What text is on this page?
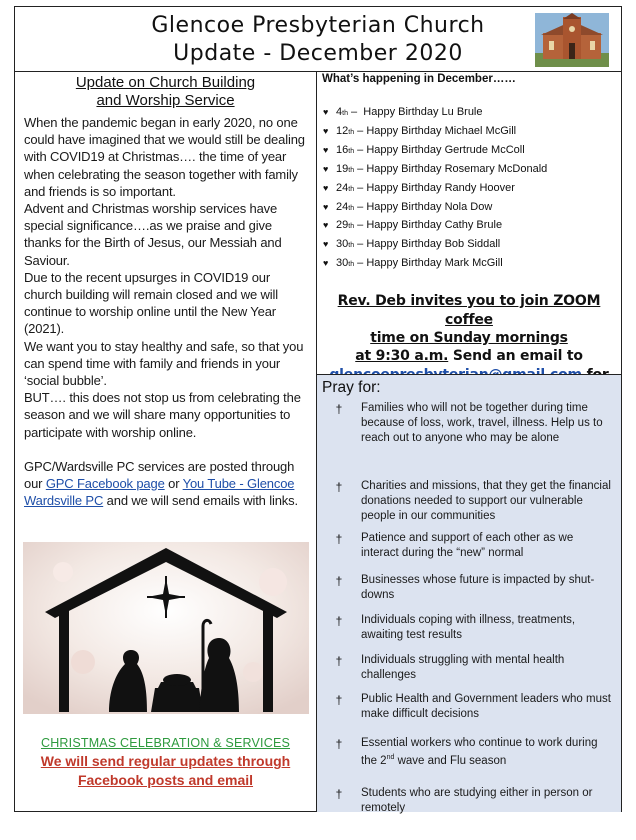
Glencoe Presbyterian Church
Update - December 2020
Update on Church Building
and Worship Service

When the pandemic began in early 2020, no one could have imagined that we would still be dealing with COVID19 at Christmas…. the time of year when celebrating the season together with family and friends is so important.

Advent and Christmas worship services have special significance….as we praise and give thanks for the Birth of Jesus, our Messiah and Saviour.

Due to the recent upsurges in COVID19 our church building will remain closed and we will continue to worship online until the New Year (2021).

We want you to stay healthy and safe, so that you can spend time with family and friends in your ‘social bubble’.

BUT…. this does not stop us from celebrating the season and we will share many opportunities to participate with worship online.

GPC/Wardsville PC services are posted through our GPC Facebook page or You Tube - Glencoe Wardsville PC and we will send emails with links.

CHRISTMAS CELEBRATION & SERVICES
We will send regular updates through
Facebook posts and email
What’s happening in December……
♥ 4 th – Happy Birthday Lu Brule
♥ 12 th – Happy Birthday Michael McGill
♥ 16 th – Happy Birthday Gertrude McColl
♥ 19 th – Happy Birthday Rosemary McDonald
♥ 24 th – Happy Birthday Randy Hoover
♥ 24 th – Happy Birthday Nola Dow
♥ 29 th – Happy Birthday Cathy Brule
♥ 30 th – Happy Birthday Bob Siddall
♥ 30 th – Happy Birthday Mark McGill
Rev. Deb invites you to join ZOOM coffee
time on Sunday mornings
at 9:30 a.m. Send an email to
Pray for:
†	Families who will not be together during time because of loss, work, travel, illness. Help us to reach out to anyone who may be alone
†	Charities and missions, that they get the financial donations needed to support our vulnerable people in our communities
†	Patience and support of each other as we interact during the “new” normal
†	Businesses whose future is impacted by shut-downs
†	Individuals coping with illness, treatments, awaiting test results
†	Individuals struggling with mental health challenges
†	Public Health and Government leaders who must make difficult decisions
†	Essential workers who continue to work during the 2nd wave and Flu season
†	Students who are studying either in person or remotely
